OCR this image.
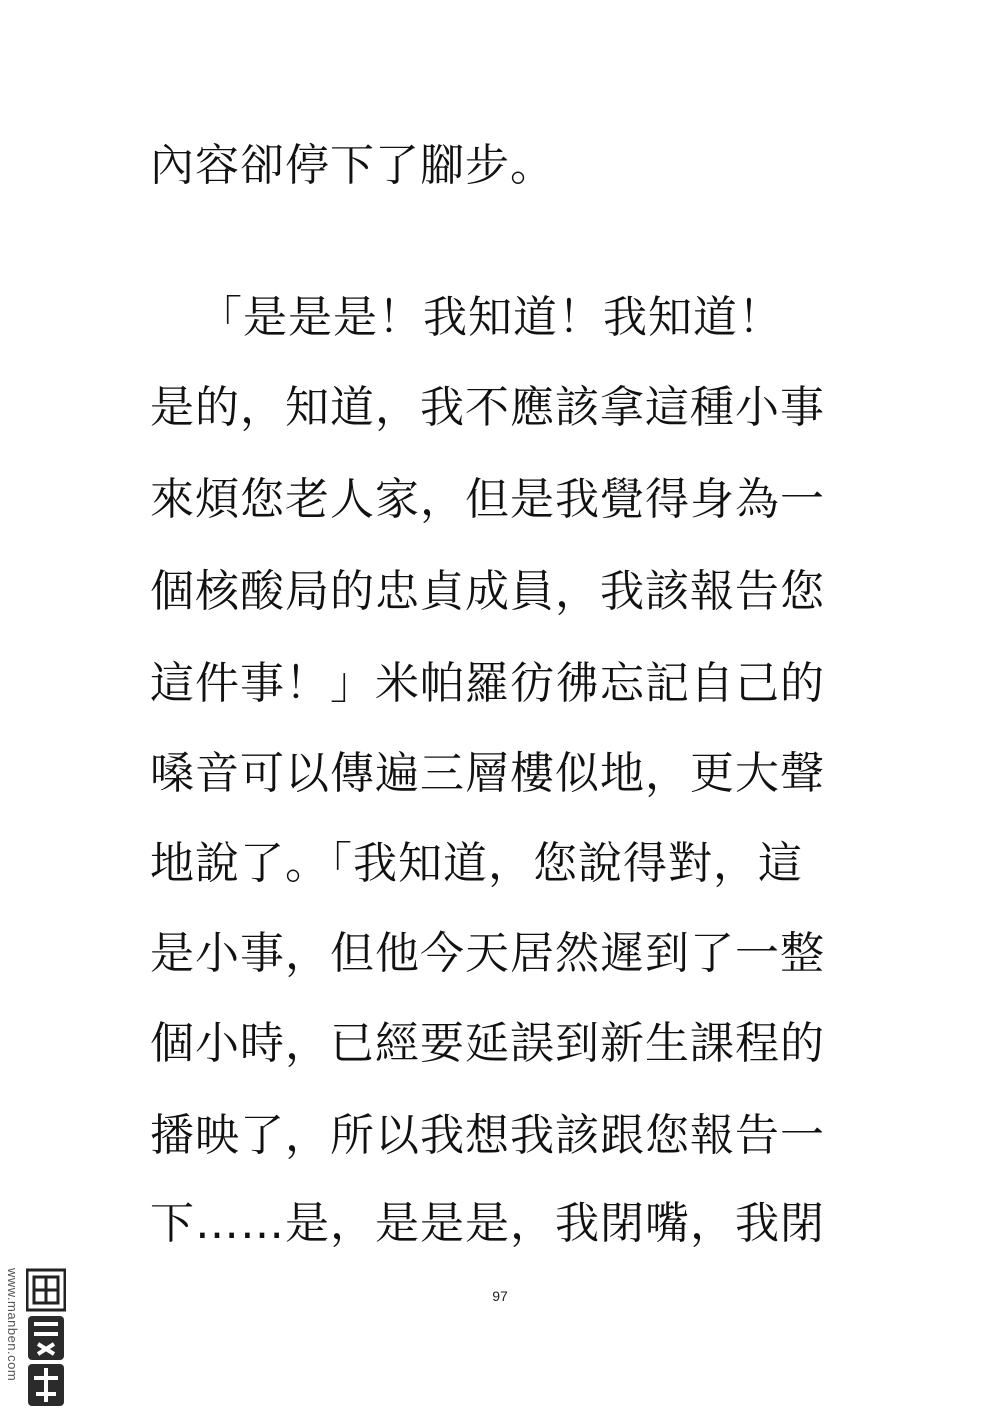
內容卻停下了腳步。
「是是是！我知道！我知道！
是的，知道，我不應該拿這種小事
來煩您老人家，但是我覺得身為一
個核酸局的忠貞成員，我該報告您
這件事！」米帕羅彷彿忘記自己的
嗓音可以傳遍三層樓似地，更大聲
地說了。「我知道，您說得對，這
是小事，但他今天居然遲到了一整
個小時，已經要延誤到新生課程的
播映了，所以我想我該跟您報告一
下……是，是是是，我閉嘴，我閉
97
www.manben.com
